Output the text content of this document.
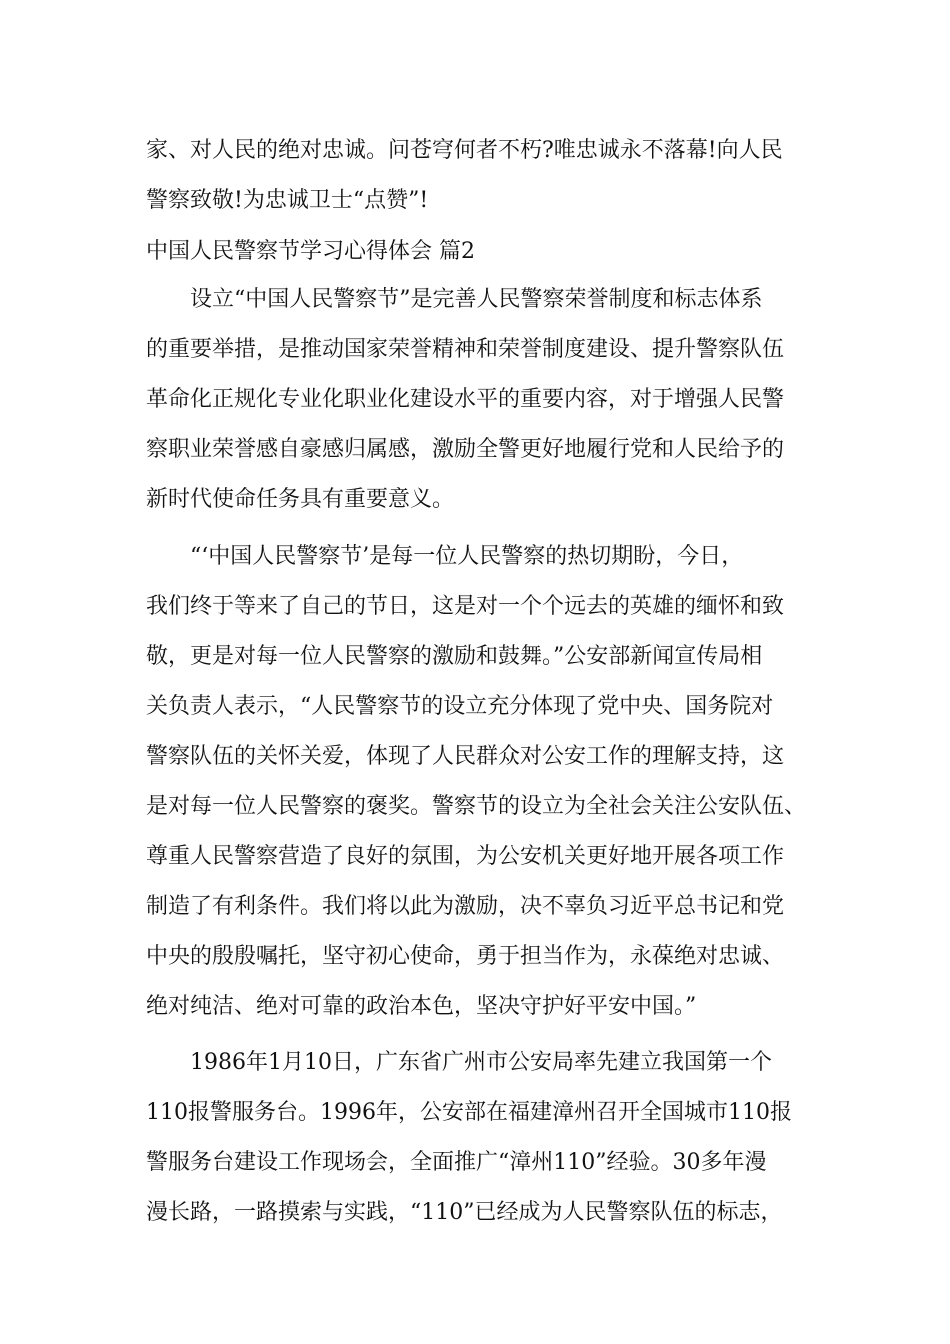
家、对人民的绝对忠诚。问苍穹何者不朽?唯忠诚永不落幕!向人民
警察致敬!为忠诚卫士“点赞”!
中国人民警察节学习心得体会 篇2
设立“中国人民警察节”是完善人民警察荣誉制度和标志体系
的重要举措，是推动国家荣誉精神和荣誉制度建设、提升警察队伍
革命化正规化专业化职业化建设水平的重要内容，对于增强人民警
察职业荣誉感自豪感归属感，激励全警更好地履行党和人民给予的
新时代使命任务具有重要意义。
“‘中国人民警察节’是每一位人民警察的热切期盼，今日，
我们终于等来了自己的节日，这是对一个个远去的英雄的缅怀和致
敬，更是对每一位人民警察的激励和鼓舞。”公安部新闻宣传局相
关负责人表示，“人民警察节的设立充分体现了党中央、国务院对
警察队伍的关怀关爱，体现了人民群众对公安工作的理解支持，这
是对每一位人民警察的褒奖。警察节的设立为全社会关注公安队伍、
尊重人民警察营造了良好的氛围，为公安机关更好地开展各项工作
制造了有利条件。我们将以此为激励，决不辜负习近平总书记和党
中央的殷殷嘱托，坚守初心使命，勇于担当作为，永葆绝对忠诚、
绝对纯洁、绝对可靠的政治本色，坚决守护好平安中国。”
1986年1月10日，广东省广州市公安局率先建立我国第一个
110报警服务台。1996年，公安部在福建漳州召开全国城市110报
警服务台建设工作现场会，全面推广“漳州110”经验。30多年漫
漫长路，一路摸索与实践，“110”已经成为人民警察队伍的标志，
